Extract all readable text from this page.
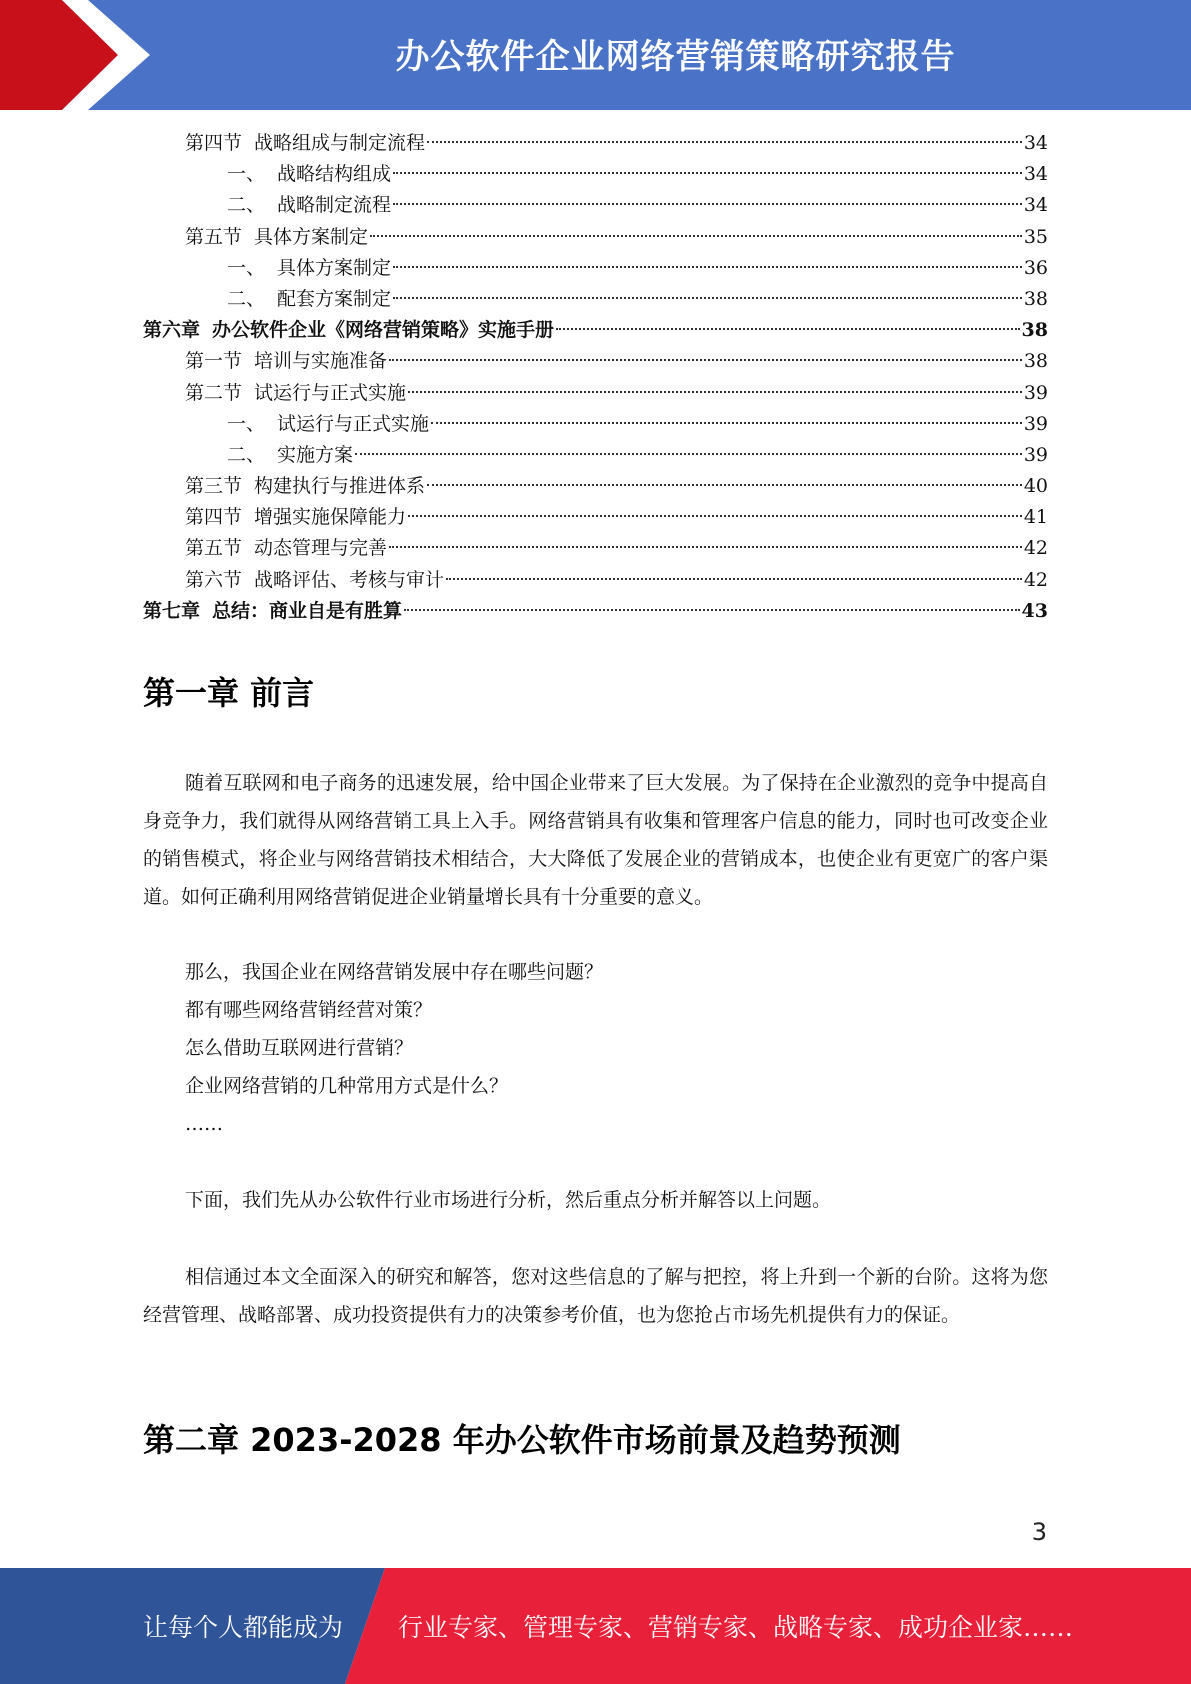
办公软件企业网络营销策略研究报告
第四节 战略组成与制定流程	34
一、 战略结构组成	34
二、 战略制定流程	34
第五节 具体方案制定	35
一、 具体方案制定	36
二、 配套方案制定	38
第六章 办公软件企业《网络营销策略》实施手册	38
第一节 培训与实施准备	38
第二节 试运行与正式实施	39
一、 试运行与正式实施	39
二、 实施方案	39
第三节 构建执行与推进体系	40
第四节 增强实施保障能力	41
第五节 动态管理与完善	42
第六节 战略评估、考核与审计	42
第七章 总结：商业自是有胜算	43
第一章 前言

随着互联网和电子商务的迅速发展，给中国企业带来了巨大发展。为了保持在企业激烈的竞争中提高自身竞争力，我们就得从网络营销工具上入手。网络营销具有收集和管理客户信息的能力，同时也可改变企业的销售模式，将企业与网络营销技术相结合，大大降低了发展企业的营销成本，也使企业有更宽广的客户渠道。如何正确利用网络营销促进企业销量增长具有十分重要的意义。

那么，我国企业在网络营销发展中存在哪些问题？
都有哪些网络营销经营对策？
怎么借助互联网进行营销？
企业网络营销的几种常用方式是什么？
……

下面，我们先从办公软件行业市场进行分析，然后重点分析并解答以上问题。

相信通过本文全面深入的研究和解答，您对这些信息的了解与把控，将上升到一个新的台阶。这将为您经营管理、战略部署、成功投资提供有力的决策参考价值，也为您抢占市场先机提供有力的保证。

第二章 2023-2028 年办公软件市场前景及趋势预测
3
让每个人都能成为 行业专家、管理专家、营销专家、战略专家、成功企业家……
